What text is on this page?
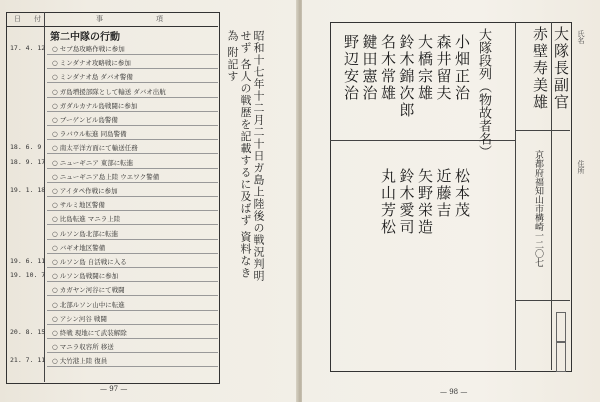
日 付	事	項
第二中隊の行動
17. 4. 12 ○ セブ島攻略作戦に参加
○ ミンダナオ攻略戦に参加
○ ミンダナオ島 ダバオ警備
○ ガ島増援部隊として輸送 ダバオ出航
○ ガダルカナル島戦闘に参加
○ ブーゲンビル島警備
○ ラバウル転進 同島警備
18. 6. 9 ○ 南太平洋方面にて輸送任務
18. 9. 17 ○ ニューギニア 東部に転進
○ ニューギニア島上陸 ウエワク警備
19. 1. 18 ○ アイタペ作戦に参加
○ サルミ地区警備
○ 比島転進 マニラ上陸
○ ルソン島北部に転進
○ バギオ地区警備
19. 6. 11 ○ ルソン島 自活戦に入る
19. 10. 7 ○ ルソン島戦闘に参加
○ カガヤン河谷にて戦闘
○ 北部ルソン山中に転進
○ アシン河谷 戦闘
20. 8. 15 ○ 終戦 現地にて武装解除
○ マニラ収容所 移送
21. 7. 11 ○ 大竹港上陸 復員
昭和十七年十二月二十日ガ島上陸後の戦況判明せず 各人の戦歴を記載するに及ばず 資料なき為 附記す
— 97 —
大隊長副官 赤壁寿美雄	氏名
住所
京都府福知山市構崎一二〇七
大隊段列（物故者名）
小畑正治
森井留夫
大橋宗雄
鈴木錦次郎
名木常雄
鍵田憲治
野辺安治
松本茂
近藤吉
矢野栄造
鈴木愛司
丸山芳松
— 98 —
